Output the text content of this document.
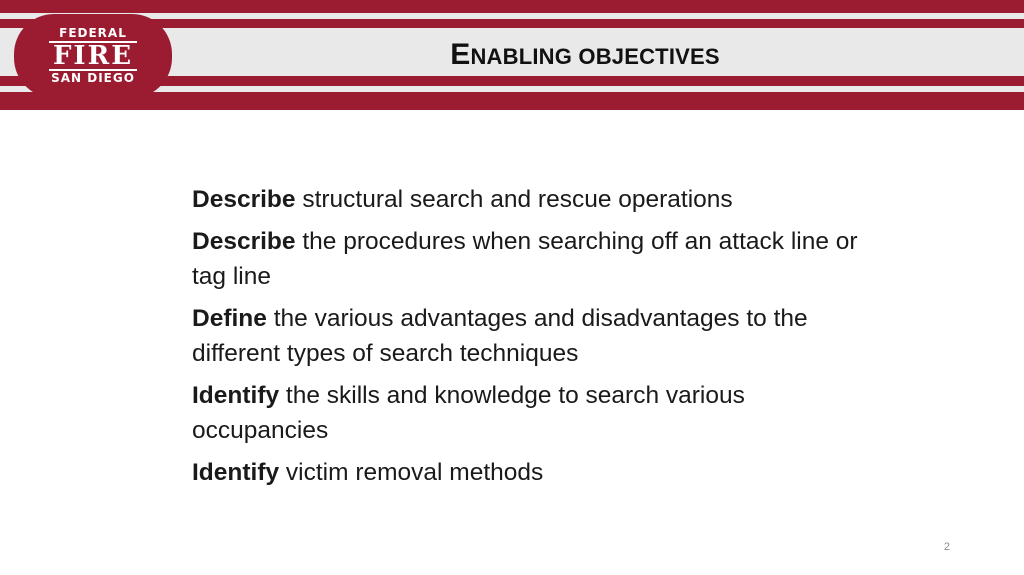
FEDERAL
FIRE
SAN DIEGO
ENABLING OBJECTIVES
Describe structural search and rescue operations
Describe the procedures when searching off an attack line or tag line
Define the various advantages and disadvantages to the different types of search techniques
Identify the skills and knowledge to search various occupancies
Identify victim removal methods
2
